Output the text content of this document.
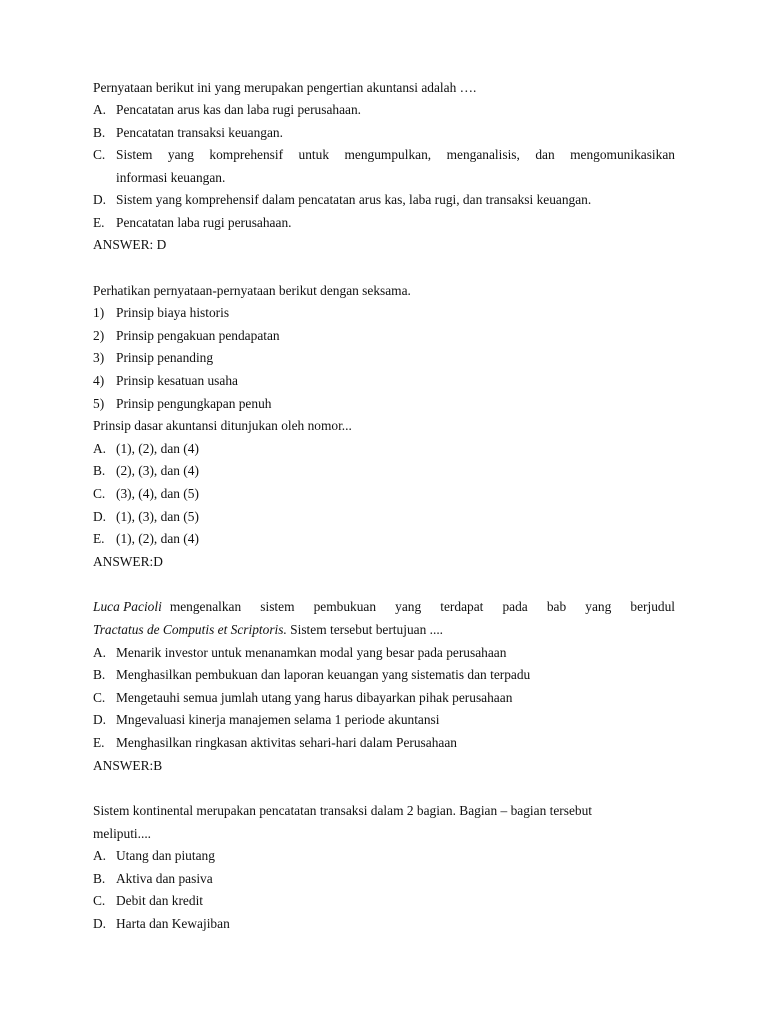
Pernyataan berikut ini yang merupakan pengertian akuntansi adalah ….
A. Pencatatan arus kas dan laba rugi perusahaan.
B. Pencatatan transaksi keuangan.
C. Sistem yang komprehensif untuk mengumpulkan, menganalisis, dan mengomunikasikan
informasi keuangan.
D. Sistem yang komprehensif dalam pencatatan arus kas, laba rugi, dan transaksi keuangan.
E. Pencatatan laba rugi perusahaan.
ANSWER: D
Perhatikan pernyataan-pernyataan berikut dengan seksama.
1) Prinsip biaya historis
2) Prinsip pengakuan pendapatan
3) Prinsip penanding
4) Prinsip kesatuan usaha
5) Prinsip pengungkapan penuh
Prinsip dasar akuntansi ditunjukan oleh nomor...
A. (1), (2), dan (4)
B. (2), (3), dan (4)
C. (3), (4), dan (5)
D. (1), (3), dan (5)
E. (1), (2), dan (4)
ANSWER:D
Luca Pacioli mengenalkan sistem pembukuan yang terdapat pada bab yang berjudul
Tractatus de Computis et Scriptoris. Sistem tersebut bertujuan ....
A. Menarik investor untuk menanamkan modal yang besar pada perusahaan
B. Menghasilkan pembukuan dan laporan keuangan yang sistematis dan terpadu
C. Mengetauhi semua jumlah utang yang harus dibayarkan pihak perusahaan
D. Mngevaluasi kinerja manajemen selama 1 periode akuntansi
E. Menghasilkan ringkasan aktivitas sehari-hari dalam Perusahaan
ANSWER:B
Sistem kontinental merupakan pencatatan transaksi dalam 2 bagian. Bagian – bagian tersebut
meliputi....
A. Utang dan piutang
B. Aktiva dan pasiva
C. Debit dan kredit
D. Harta dan Kewajiban
